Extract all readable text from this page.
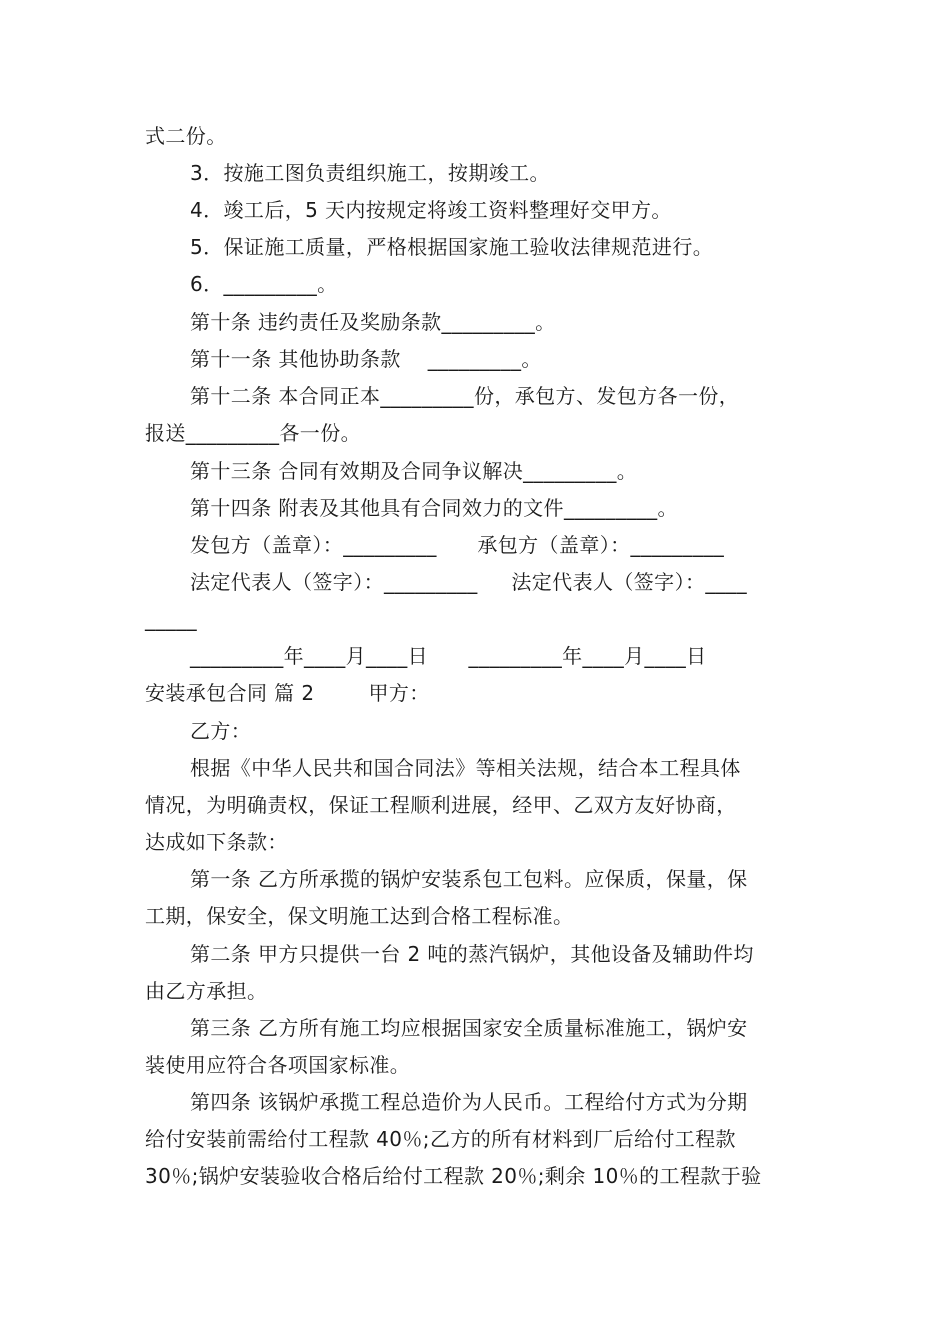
式二份。
3．按施工图负责组织施工，按期竣工。
4．竣工后，5 天内按规定将竣工资料整理好交甲方。
5．保证施工质量，严格根据国家施工验收法律规范进行。
6．_________。
第十条 违约责任及奖励条款_________。
第十一条 其他协助条款    _________。
第十二条 本合同正本_________份，承包方、发包方各一份，
报送_________各一份。
第十三条 合同有效期及合同争议解决_________。
第十四条 附表及其他具有合同效力的文件_________。
发包方（盖章）：_________      承包方（盖章）：_________
法定代表人（签字）：_________     法定代表人（签字）：____
_____
_________年____月____日      _________年____月____日
安装承包合同 篇 2        甲方：
乙方：
根据《中华人民共和国合同法》等相关法规，结合本工程具体
情况，为明确责权，保证工程顺利进展，经甲、乙双方友好协商，
达成如下条款：
第一条 乙方所承揽的锅炉安装系包工包料。应保质，保量，保
工期，保安全，保文明施工达到合格工程标准。
第二条 甲方只提供一台 2 吨的蒸汽锅炉，其他设备及辅助件均
由乙方承担。
第三条 乙方所有施工均应根据国家安全质量标准施工，锅炉安
装使用应符合各项国家标准。
第四条 该锅炉承揽工程总造价为人民币。工程给付方式为分期
给付安装前需给付工程款 40％;乙方的所有材料到厂后给付工程款
30％;锅炉安装验收合格后给付工程款 20％;剩余 10％的工程款于验
